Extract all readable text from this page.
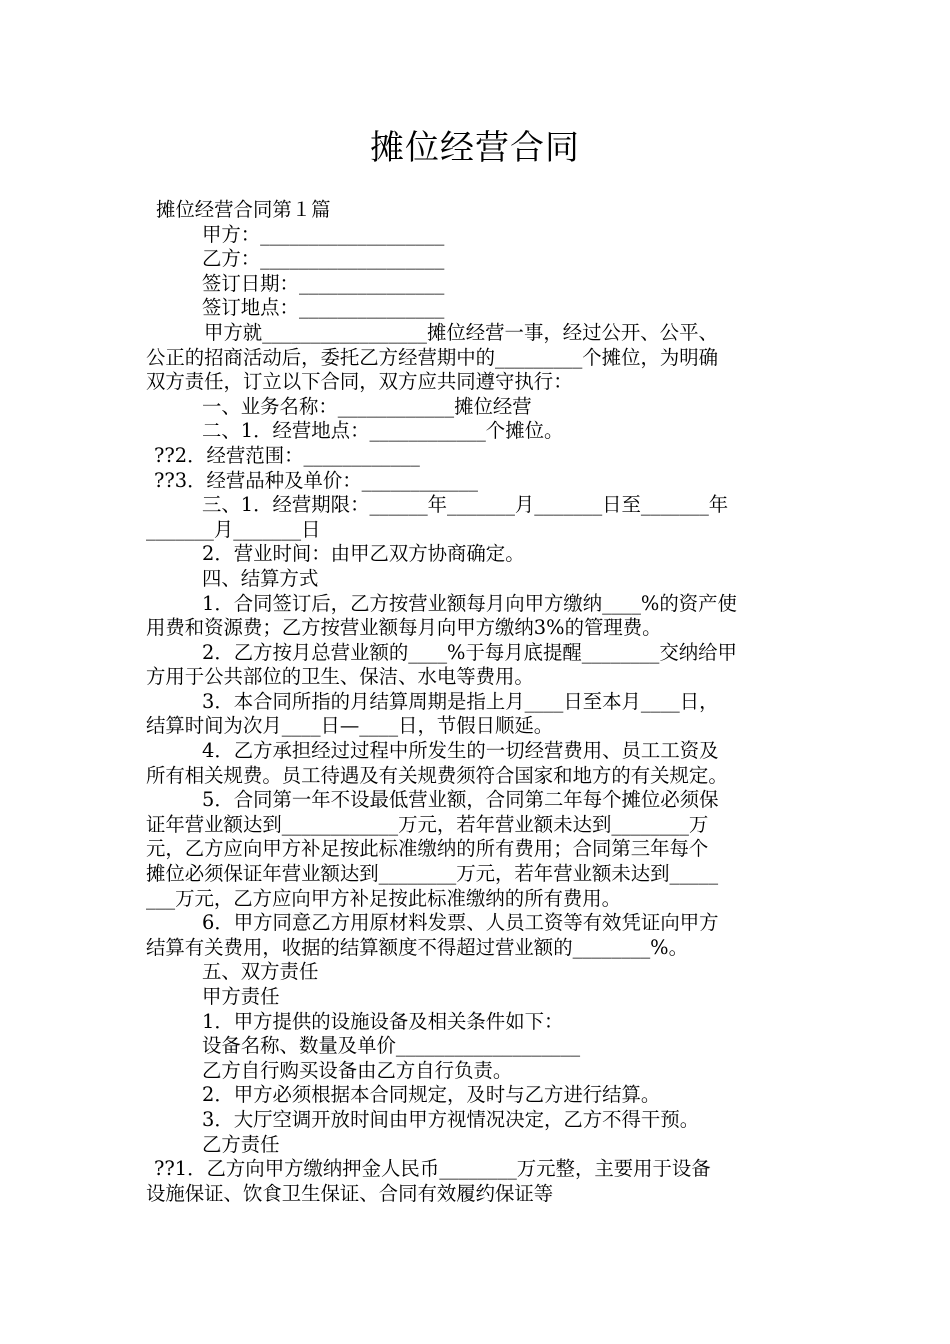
摊位经营合同
摊位经营合同第１篇
甲方：___________________
乙方：___________________
签订日期：_______________
签订地点：_______________
甲方就_________________摊位经营一事，经过公开、公平、
公正的招商活动后，委托乙方经营期中的_________个摊位，为明确
双方责任，订立以下合同，双方应共同遵守执行：
一、业务名称：____________摊位经营
二、1．经营地点：____________个摊位。
??2．经营范围：____________
??3．经营品种及单价：____________
三、1．经营期限：______年_______月_______日至_______年
_______月_______日
2．营业时间：由甲乙双方协商确定。
四、结算方式
1．合同签订后，乙方按营业额每月向甲方缴纳____%的资产使
用费和资源费；乙方按营业额每月向甲方缴纳3%的管理费。
2．乙方按月总营业额的____%于每月底提醒________交纳给甲
方用于公共部位的卫生、保洁、水电等费用。
3．本合同所指的月结算周期是指上月____日至本月____日，
结算时间为次月____日—____日，节假日顺延。
4．乙方承担经过过程中所发生的一切经营费用、员工工资及
所有相关规费。员工待遇及有关规费须符合国家和地方的有关规定。
5．合同第一年不设最低营业额，合同第二年每个摊位必须保
证年营业额达到____________万元，若年营业额未达到________万
元，乙方应向甲方补足按此标准缴纳的所有费用；合同第三年每个
摊位必须保证年营业额达到________万元，若年营业额未达到_____
___万元，乙方应向甲方补足按此标准缴纳的所有费用。
6．甲方同意乙方用原材料发票、人员工资等有效凭证向甲方
结算有关费用，收据的结算额度不得超过营业额的________%。
五、双方责任
甲方责任
1．甲方提供的设施设备及相关条件如下：
设备名称、数量及单价___________________
乙方自行购买设备由乙方自行负责。
2．甲方必须根据本合同规定，及时与乙方进行结算。
3．大厅空调开放时间由甲方视情况决定，乙方不得干预。
乙方责任
??1．乙方向甲方缴纳押金人民币________万元整，主要用于设备
设施保证、饮食卫生保证、合同有效履约保证等
